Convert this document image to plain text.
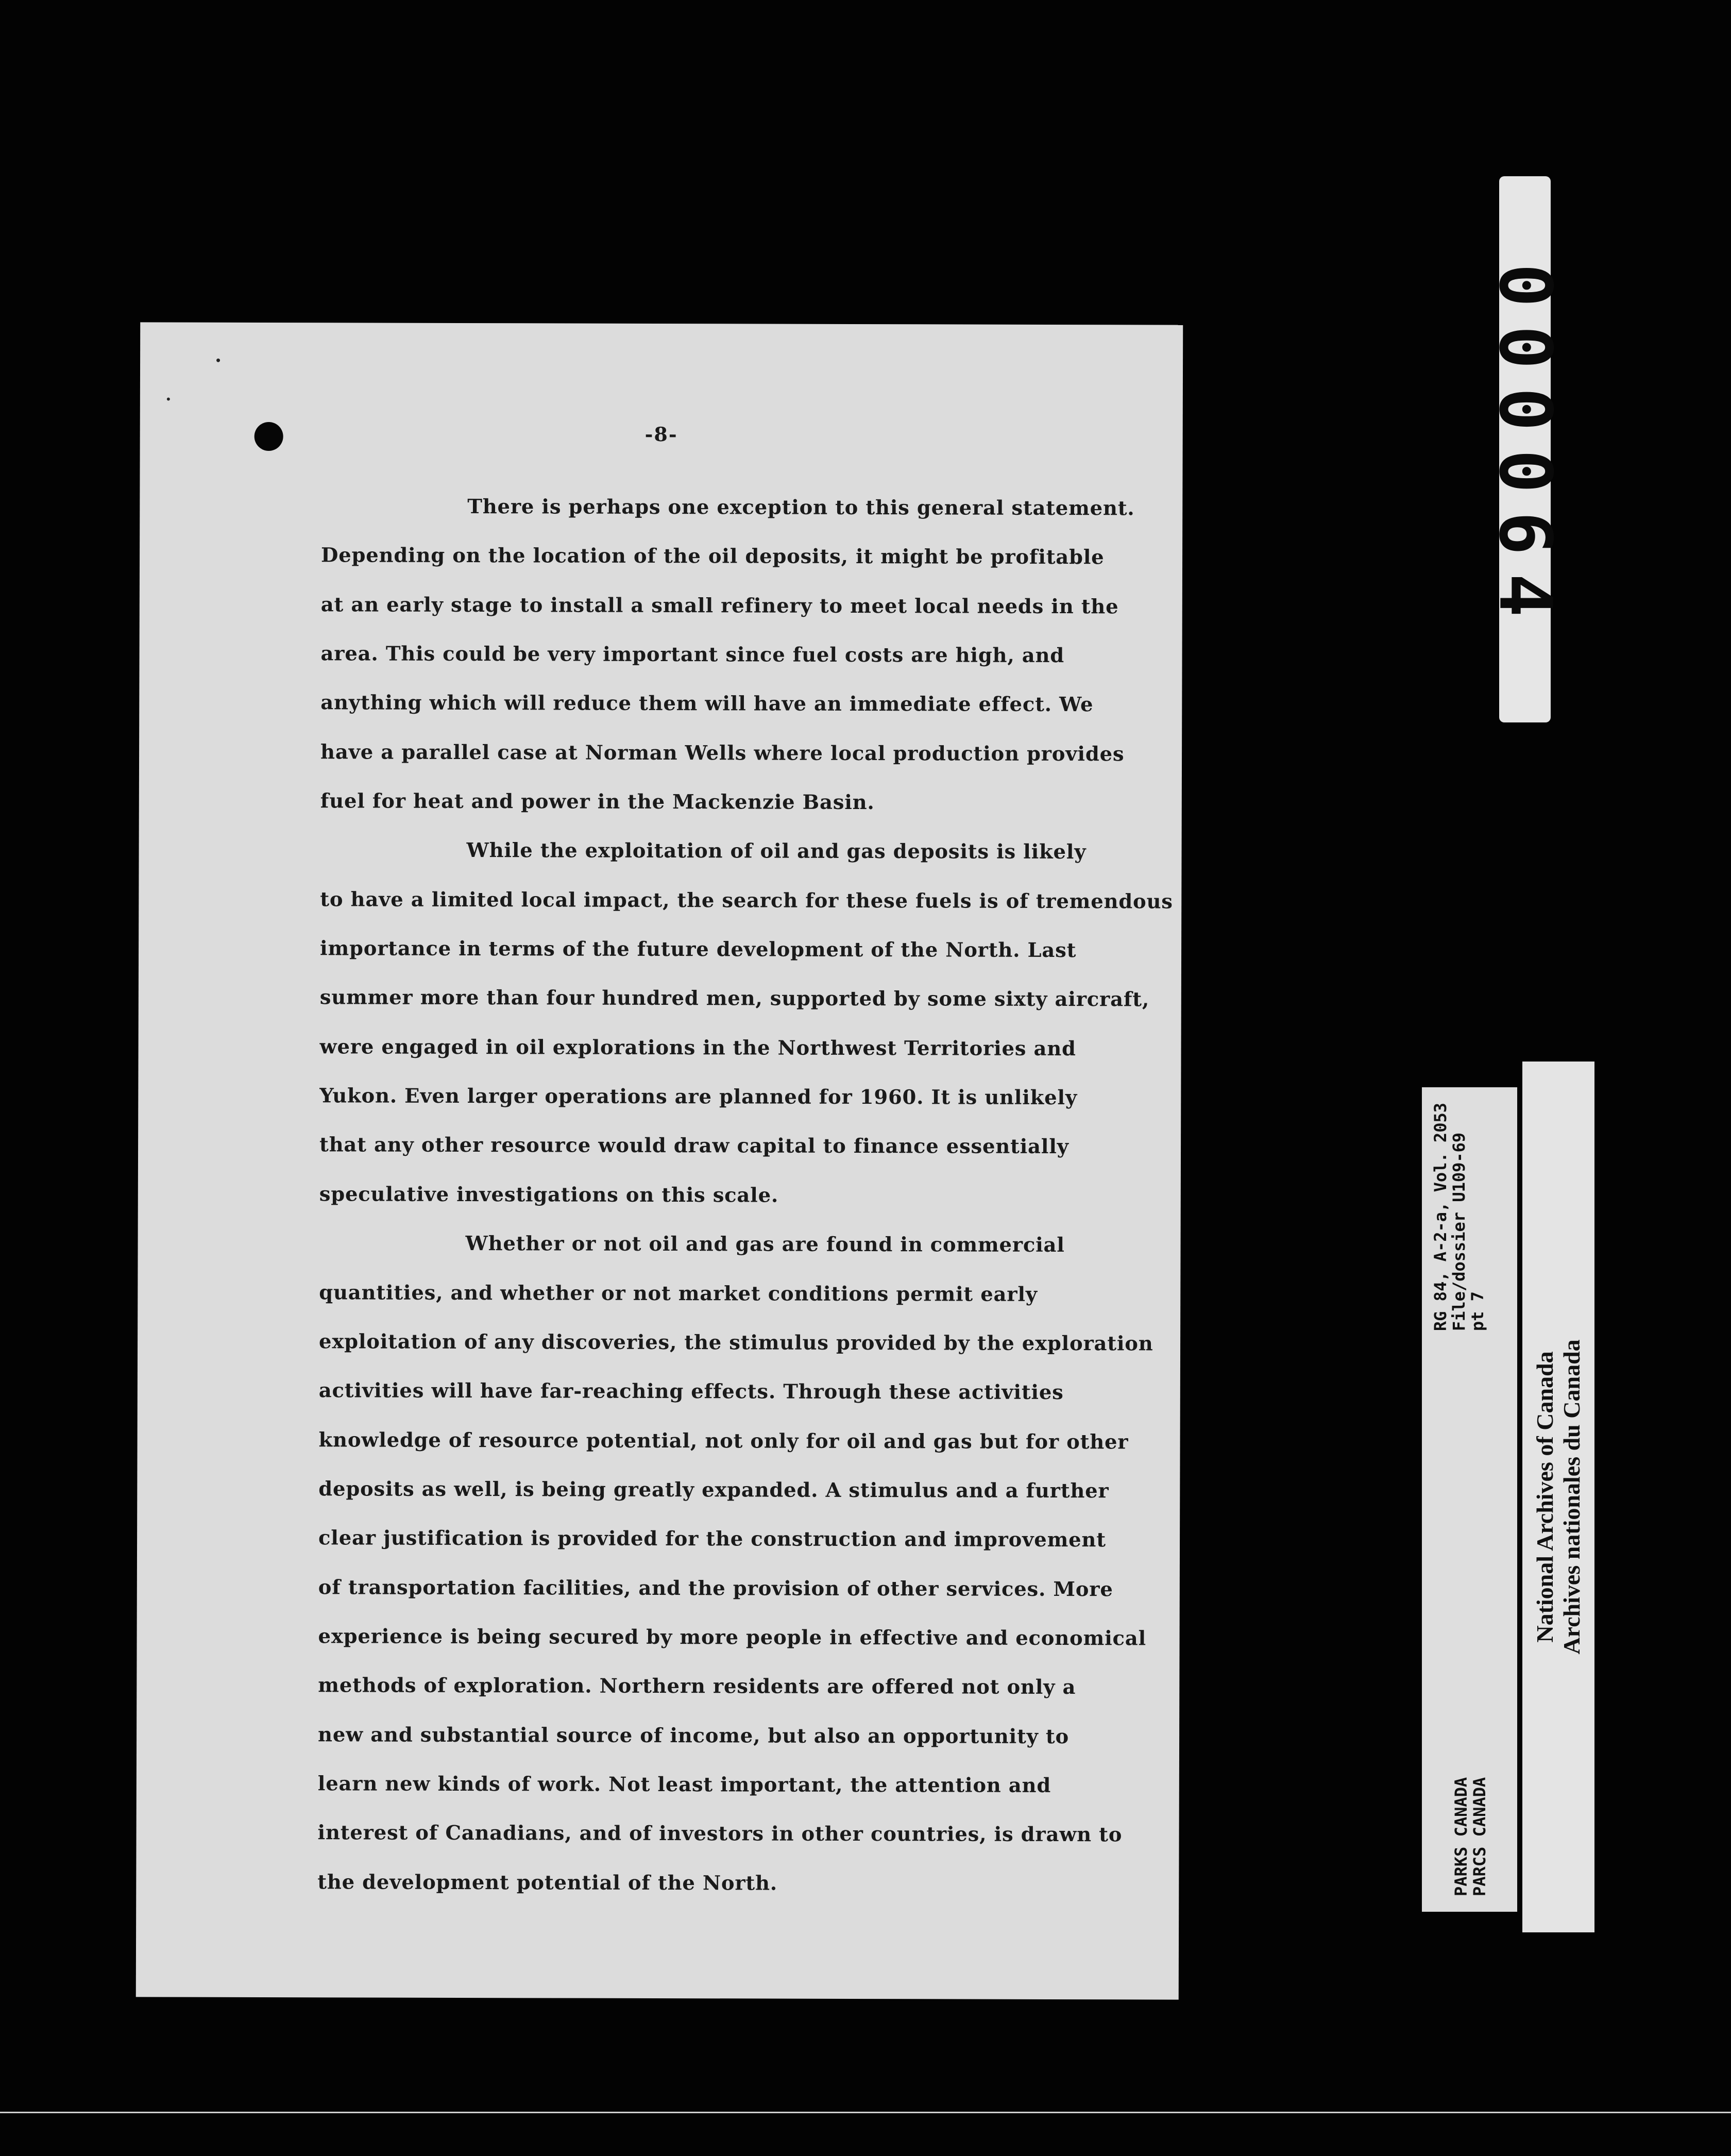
-8-
There is perhaps one exception to this general statement.
Depending on the location of the oil deposits, it might be profitable
at an early stage to install a small refinery to meet local needs in the
area. This could be very important since fuel costs are high, and
anything which will reduce them will have an immediate effect. We
have a parallel case at Norman Wells where local production provides
fuel for heat and power in the Mackenzie Basin.
While the exploitation of oil and gas deposits is likely
to have a limited local impact, the search for these fuels is of tremendous
importance in terms of the future development of the North. Last
summer more than four hundred men, supported by some sixty aircraft,
were engaged in oil explorations in the Northwest Territories and
Yukon. Even larger operations are planned for 1960. It is unlikely
that any other resource would draw capital to finance essentially
speculative investigations on this scale.
Whether or not oil and gas are found in commercial
quantities, and whether or not market conditions permit early
exploitation of any discoveries, the stimulus provided by the exploration
activities will have far-reaching effects. Through these activities
knowledge of resource potential, not only for oil and gas but for other
deposits as well, is being greatly expanded. A stimulus and a further
clear justification is provided for the construction and improvement
of transportation facilities, and the provision of other services. More
experience is being secured by more people in effective and economical
methods of exploration. Northern residents are offered not only a
new and substantial source of income, but also an opportunity to
learn new kinds of work. Not least important, the attention and
interest of Canadians, and of investors in other countries, is drawn to
the development potential of the North.
000064
RG 84, A-2-a, Vol. 2053
File/dossier U109-69
pt 7
PARKS CANADA
PARCS CANADA
National Archives of Canada Archives nationales du Canada
